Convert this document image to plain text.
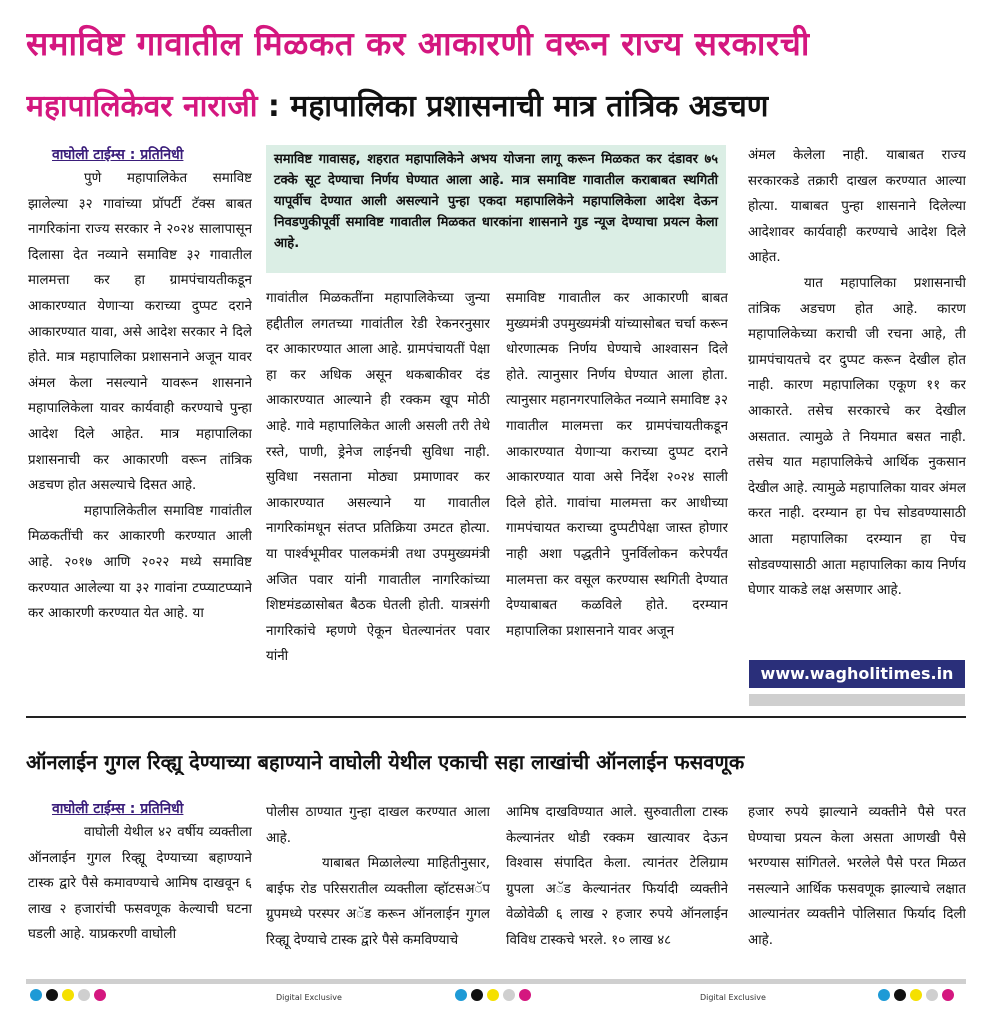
समाविष्ट गावातील मिळकत कर आकारणी वरून राज्य सरकारची
महापालिकेवर नाराजी : महापालिका प्रशासनाची मात्र तांत्रिक अडचण
वाघोली टाईम्स : प्रतिनिधी

पुणे महापालिकेत समाविष्ट झालेल्या ३२ गावांच्या प्रॉपर्टी टॅक्स बाबत नागरिकांना राज्य सरकार ने २०२४ सालापासून दिलासा देत नव्याने समाविष्ट ३२ गावातील मालमत्ता कर हा ग्रामपंचायतीकडून आकारण्यात येणाऱ्या कराच्या दुप्पट दराने आकारण्यात यावा, असे आदेश सरकार ने दिले होते. मात्र महापालिका प्रशासनाने अजून यावर अंमल केला नसल्याने यावरून शासनाने महापालिकेला यावर कार्यवाही करण्याचे पुन्हा आदेश दिले आहेत. मात्र महापालिका प्रशासनाची कर आकारणी वरून तांत्रिक अडचण होत असल्याचे दिसत आहे.

महापालिकेतील समाविष्ट गावांतील मिळकतींची कर आकारणी करण्यात आली आहे. २०१७ आणि २०२२ मध्ये समाविष्ट करण्यात आलेल्या या ३२ गावांना टप्प्याटप्प्याने कर आकारणी करण्यात येत आहे. या

समाविष्ट गावासह, शहरात महापालिकेने अभय योजना लागू करून मिळकत कर दंडावर ७५ टक्के सूट देण्याचा निर्णय घेण्यात आला आहे. मात्र समाविष्ट गावातील कराबाबत स्थगिती यापूर्वीच देण्यात आली असल्याने पुन्हा एकदा महापालिकेने महापालिकेला आदेश देऊन निवडणुकीपूर्वी समाविष्ट गावातील मिळकत धारकांना शासनाने गुड न्यूज देण्याचा प्रयत्न केला आहे.

गावांतील मिळकतींना महापालिकेच्या जुन्या हद्दीतील लगतच्या गावांतील रेडी रेकनरनुसार दर आकारण्यात आला आहे. ग्रामपंचायतीं पेक्षा हा कर अधिक असून थकबाकीवर दंड आकारण्यात आल्याने ही रक्कम खूप मोठी आहे. गावे महापालिकेत आली असली तरी तेथे रस्ते, पाणी, ड्रेनेज लाईनची सुविधा नाही. सुविधा नसताना मोठ्या प्रमाणावर कर आकारण्यात असल्याने या गावातील नागरिकांमधून संतप्त प्रतिक्रिया उमटत होत्या. या पार्श्वभूमीवर पालकमंत्री तथा उपमुख्यमंत्री अजित पवार यांनी गावातील नागरिकांच्या शिष्टमंडळासोबत बैठक घेतली होती. यात्रसंगी नागरिकांचे म्हणणे ऐकून घेतल्यानंतर पवार यांनी

समाविष्ट गावातील कर आकारणी बाबत मुख्यमंत्री उपमुख्यमंत्री यांच्यासोबत चर्चा करून धोरणात्मक निर्णय घेण्याचे आश्वासन दिले होते. त्यानुसार निर्णय घेण्यात आला होता. त्यानुसार महानगरपालिकेत नव्याने समाविष्ट ३२ गावातील मालमत्ता कर ग्रामपंचायतीकडून आकारण्यात येणाऱ्या कराच्या दुप्पट दराने आकारण्यात यावा असे निर्देश २०२४ साली दिले होते. गावांचा मालमत्ता कर आधीच्या गामपंचायत कराच्या दुप्पटीपेक्षा जास्त होणार नाही अशा पद्धतीने पुनर्विलोकन करेपर्यंत मालमत्ता कर वसूल करण्यास स्थगिती देण्यात देण्याबाबत कळविले होते. दरम्यान महापालिका प्रशासनाने यावर अजून

अंमल केलेला नाही. याबाबत राज्य सरकारकडे तक्रारी दाखल करण्यात आल्या होत्या. याबाबत पुन्हा शासनाने दिलेल्या आदेशावर कार्यवाही करण्याचे आदेश दिले आहेत.

यात महापालिका प्रशासनाची तांत्रिक अडचण होत आहे. कारण महापालिकेच्या कराची जी रचना आहे, ती ग्रामपंचायतचे दर दुप्पट करून देखील होत नाही. कारण महापालिका एकूण ११ कर आकारते. तसेच सरकारचे कर देखील असतात. त्यामुळे ते नियमात बसत नाही. तसेच यात महापालिकेचे आर्थिक नुकसान देखील आहे. त्यामुळे महापालिका यावर अंमल करत नाही. दरम्यान हा पेच सोडवण्यासाठी आता महापालिका दरम्यान हा पेच सोडवण्यासाठी आता महापालिका काय निर्णय घेणार याकडे लक्ष असणार आहे.

www.wagholitimes.in
ऑनलाईन गुगल रिव्ह्यू देण्याच्या बहाण्याने वाघोली येथील एकाची सहा लाखांची ऑनलाईन फसवणूक
वाघोली टाईम्स : प्रतिनिधी

वाघोली येथील ४२ वर्षीय व्यक्तीला ऑनलाईन गुगल रिव्ह्यू देण्याच्या बहाण्याने टास्क द्वारे पैसे कमावण्याचे आमिष दाखवून ६ लाख २ हजारांची फसवणूक केल्याची घटना घडली आहे. याप्रकरणी वाघोली

पोलीस ठाण्यात गुन्हा दाखल करण्यात आला आहे.

याबाबत मिळालेल्या माहितीनुसार, बाईफ रोड परिसरातील व्यक्तीला व्हॉटसअॅप ग्रुपमध्ये परस्पर अॅड करून ऑनलाईन गुगल रिव्ह्यू देण्याचे टास्क द्वारे पैसे कमविण्याचे

आमिष दाखविण्यात आले. सुरुवातीला टास्क केल्यानंतर थोडी रक्कम खात्यावर देऊन विश्वास संपादित केला. त्यानंतर टेलिग्राम ग्रुपला अॅड केल्यानंतर फिर्यादी व्यक्तीने वेळोवेळी ६ लाख २ हजार रुपये ऑनलाईन विविध टास्कचे भरले. १० लाख ४८

हजार रुपये झाल्याने व्यक्तीने पैसे परत घेण्याचा प्रयत्न केला असता आणखी पैसे भरण्यास सांगितले. भरलेले पैसे परत मिळत नसल्याने आर्थिक फसवणूक झाल्याचे लक्षात आल्यानंतर व्यक्तीने पोलिसात फिर्याद दिली आहे.

Digital Exclusive	Digital Exclusive
